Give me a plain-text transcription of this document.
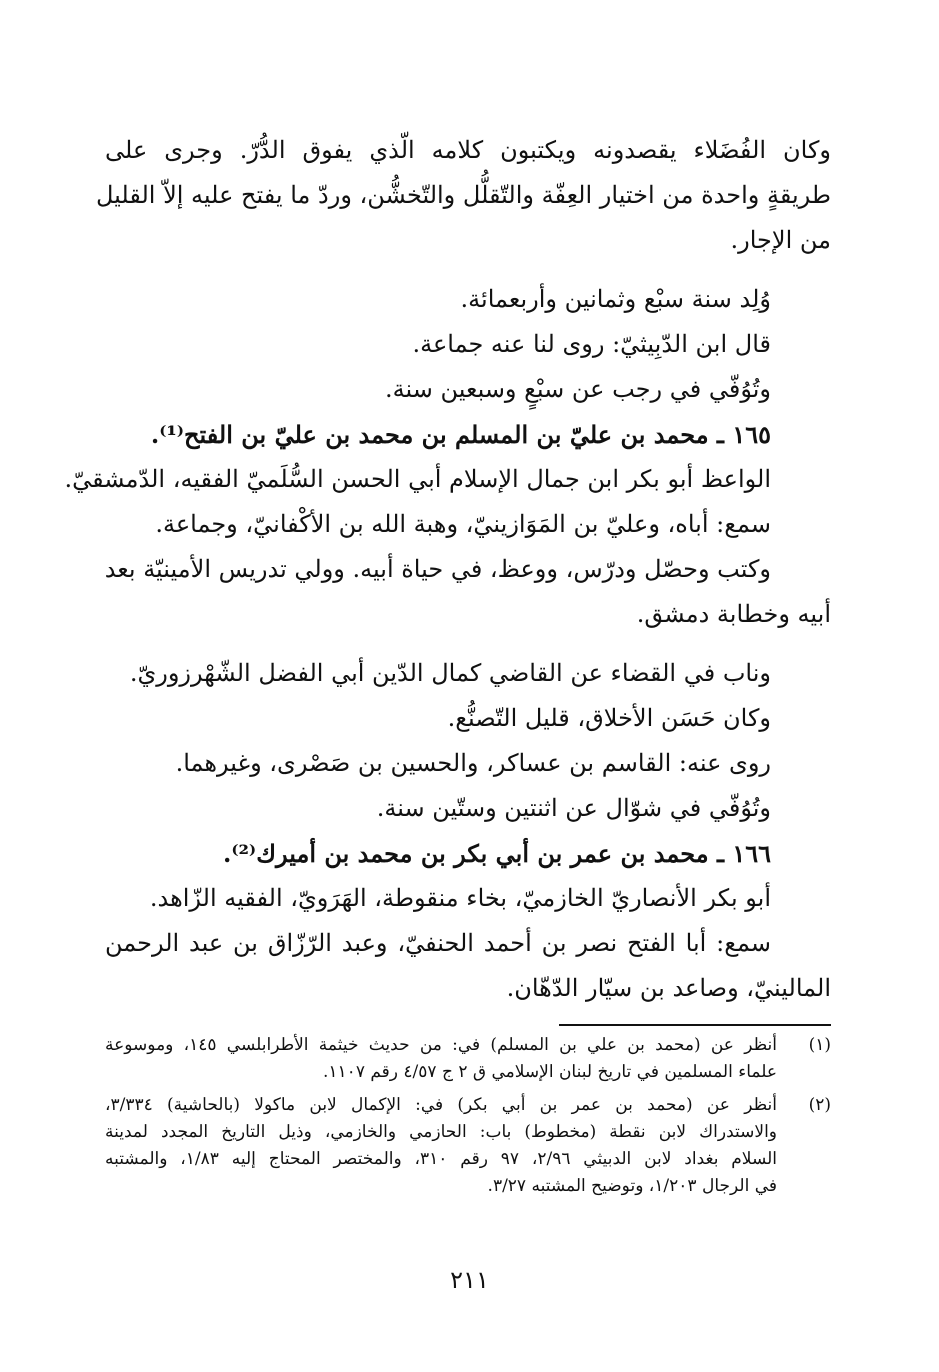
وكان الفُضَلاء يقصدونه ويكتبون كلامه الّذي يفوق الدُّرّ. وجرى على
طريقةٍ واحدة من اختيار العِفّة والتّقلُّل والتّخشُّن، وردّ ما يفتح عليه إلاّ القليل
من الإجار.
وُلِد سنة سبْع وثمانين وأربعمائة.
قال ابن الدّبِيثيّ: روى لنا عنه جماعة.
وتُوُفّي في رجب عن سبْعٍ وسبعين سنة.
١٦٥ ـ محمد بن عليّ بن المسلم بن محمد بن عليّ بن الفتح⁽¹⁾.
الواعظ أبو بكر ابن جمال الإسلام أبي الحسن السُّلَميّ الفقيه، الدّمشقيّ.
سمع: أباه، وعليّ بن المَوَازينيّ، وهبة الله بن الأكْفانيّ، وجماعة.
وكتب وحصّل ودرّس، ووعظ، في حياة أبيه. وولي تدريس الأمينيّة بعد
أبيه وخطابة دمشق.
وناب في القضاء عن القاضي كمال الدّين أبي الفضل الشّهْرزوريّ.
وكان حَسَن الأخلاق، قليل التّصنُّع.
روى عنه: القاسم بن عساكر، والحسين بن صَصْرى، وغيرهما.
وتُوُفّي في شوّال عن اثنتين وستّين سنة.
١٦٦ ـ محمد بن عمر بن أبي بكر بن محمد بن أميرك⁽²⁾.
أبو بكر الأنصاريّ الخازميّ، بخاء منقوطة، الهَرَويّ، الفقيه الزّاهد.
سمع: أبا الفتح نصر بن أحمد الحنفيّ، وعبد الرّزّاق بن عبد الرحمن
المالينيّ، وصاعد بن سيّار الدّهّان.
(١)
أنظر عن (محمد بن علي بن المسلم) في: من حديث خيثمة الأطرابلسي ١٤٥، وموسوعة
علماء المسلمين في تاريخ لبنان الإسلامي ق ٢ ج ٤/٥٧ رقم ١١٠٧.
(٢)
أنظر عن (محمد بن عمر بن أبي بكر) في: الإكمال لابن ماكولا (بالحاشية) ٣/٣٣٤،
والاستدراك لابن نقطة (مخطوط) باب: الحازمي والخازمي، وذيل التاريخ المجدد لمدينة
السلام بغداد لابن الدبيثي ٢/٩٦، ٩٧ رقم ٣١٠، والمختصر المحتاج إليه ١/٨٣، والمشتبه
في الرجال ١/٢٠٣، وتوضيح المشتبه ٣/٢٧.
٢١١
